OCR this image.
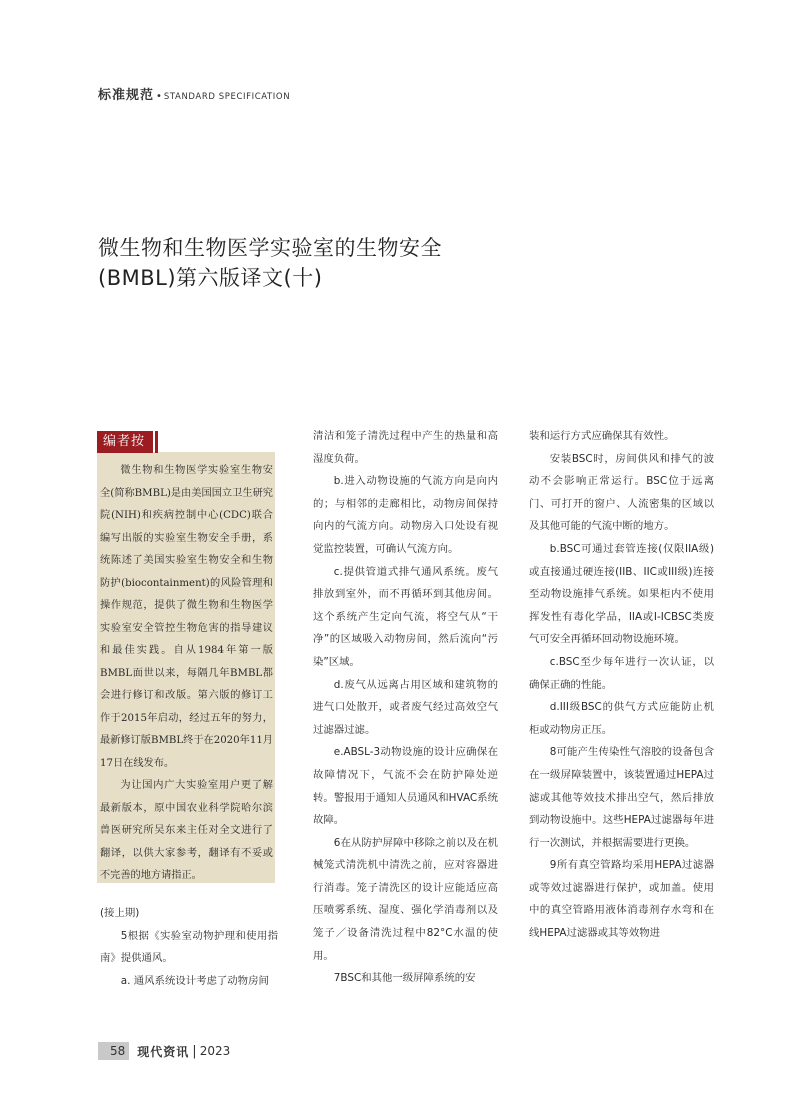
标准规范 • STANDARD SPECIFICATION
微生物和生物医学实验室的生物安全
(BMBL)第六版译文(十)
编者按

微生物和生物医学实验室生物安全(简称BMBL)是由美国国立卫生研究院(NIH)和疾病控制中心(CDC)联合编写出版的实验室生物安全手册，系统陈述了美国实验室生物安全和生物防护(biocontainment)的风险管理和操作规范，提供了微生物和生物医学实验室安全管控生物危害的指导建议和最佳实践。自从1984年第一版BMBL面世以来，每隔几年BMBL都会进行修订和改版。第六版的修订工作于2015年启动，经过五年的努力，最新修订版BMBL终于在2020年11月17日在线发布。

为让国内广大实验室用户更了解最新版本，原中国农业科学院哈尔滨兽医研究所吴东来主任对全文进行了翻译，以供大家参考，翻译有不妥或不完善的地方请指正。

(接上期)

5根据《实验室动物护理和使用指南》提供通风。

a. 通风系统设计考虑了动物房间

清洁和笼子清洗过程中产生的热量和高湿度负荷。

b.进入动物设施的气流方向是向内的；与相邻的走廊相比，动物房间保持向内的气流方向。动物房入口处设有视觉监控装置，可确认气流方向。

c.提供管道式排气通风系统。废气排放到室外，而不再循环到其他房间。这个系统产生定向气流，将空气从“干净”的区域吸入动物房间，然后流向“污染”区域。

d.废气从远离占用区域和建筑物的进气口处散开，或者废气经过高效空气过滤器过滤。

e.ABSL-3动物设施的设计应确保在故障情况下，气流不会在防护障处逆转。警报用于通知人员通风和HVAC系统故障。

6在从防护屏障中移除之前以及在机械笼式清洗机中清洗之前，应对容器进行消毒。笼子清洗区的设计应能适应高压喷雾系统、湿度、强化学消毒剂以及笼子／设备清洗过程中82°C水温的使用。

7BSC和其他一级屏障系统的安

装和运行方式应确保其有效性。

安装BSC时，房间供风和排气的波动不会影响正常运行。BSC位于远离门、可打开的窗户、人流密集的区域以及其他可能的气流中断的地方。

b.BSC可通过套管连接(仅限IIA级)或直接通过硬连接(IIB、IIC或III级)连接至动物设施排气系统。如果柜内不使用挥发性有毒化学品，IIA或I-ICBSC类废气可安全再循环回动物设施环境。

c.BSC至少每年进行一次认证，以确保正确的性能。

d.III级BSC的供气方式应能防止机柜或动物房正压。

8可能产生传染性气溶胶的设备包含在一级屏障装置中，该装置通过HEPA过滤或其他等效技术排出空气，然后排放到动物设施中。这些HEPA过滤器每年进行一次测试，并根据需要进行更换。

9所有真空管路均采用HEPA过滤器或等效过滤器进行保护，或加盖。使用中的真空管路用液体消毒剂存水弯和在线HEPA过滤器或其等效物进

58	现代资讯 | 2023
